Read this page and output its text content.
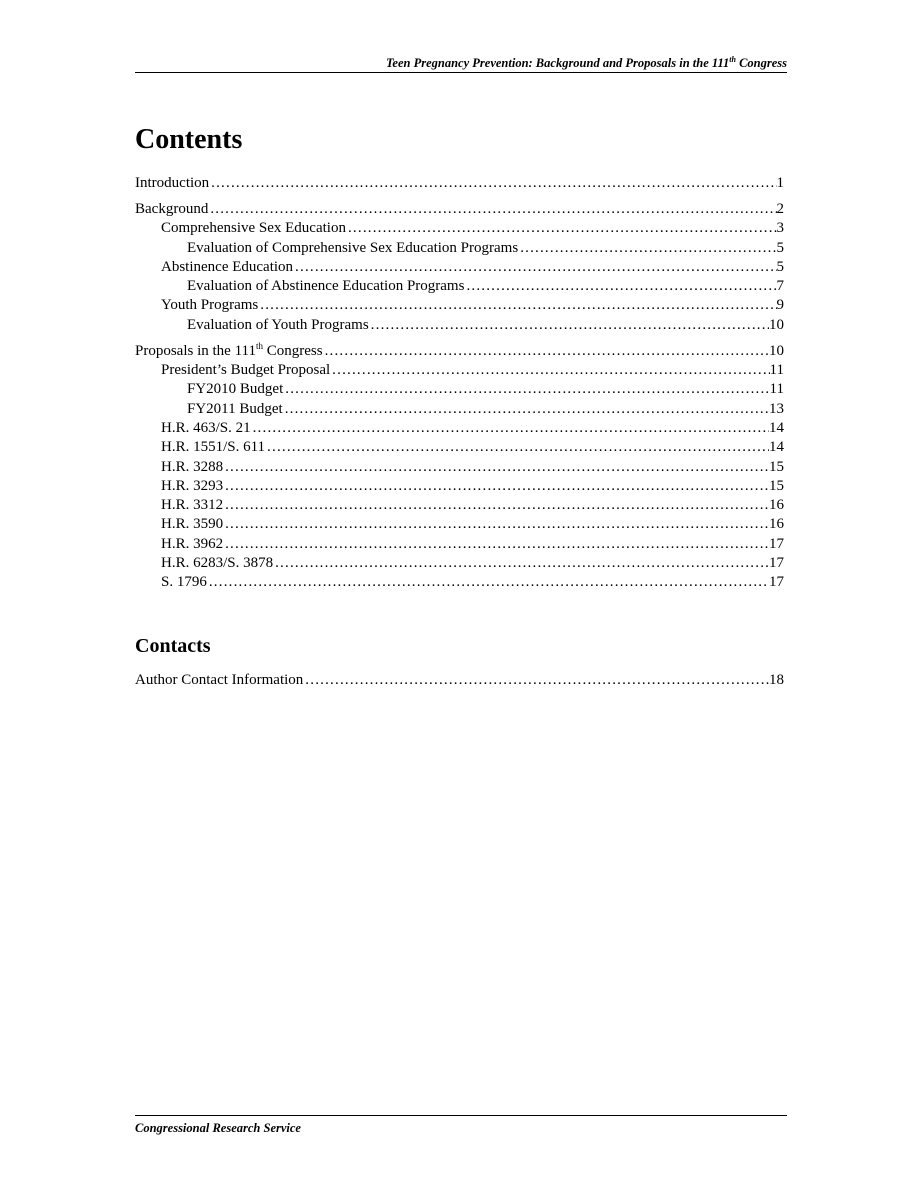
Teen Pregnancy Prevention: Background and Proposals in the 111th Congress
Contents
Introduction .....	1
Background .....	2
Comprehensive Sex Education .....	3
Evaluation of Comprehensive Sex Education Programs .....	5
Abstinence Education .....	5
Evaluation of Abstinence Education Programs .....	7
Youth Programs .....	9
Evaluation of Youth Programs .....	10
Proposals in the 111th Congress .....	10
President’s Budget Proposal .....	11
FY2010 Budget .....	11
FY2011 Budget .....	13
H.R. 463/S. 21 .....	14
H.R. 1551/S. 611 .....	14
H.R. 3288 .....	15
H.R. 3293 .....	15
H.R. 3312 .....	16
H.R. 3590 .....	16
H.R. 3962 .....	17
H.R. 6283/S. 3878 .....	17
S. 1796 .....	17
Contacts
Author Contact Information .....	18
Congressional Research Service
